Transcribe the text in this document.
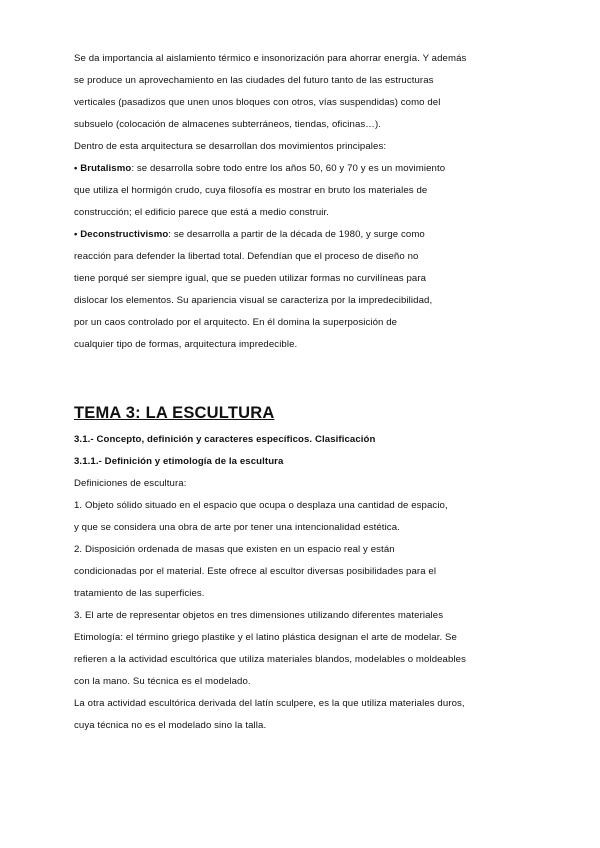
Se da importancia al aislamiento térmico e insonorización para ahorrar energía. Y además
se produce un aprovechamiento en las ciudades del futuro tanto de las estructuras
verticales (pasadizos que unen unos bloques con otros, vías suspendidas) como del
subsuelo (colocación de almacenes subterráneos, tiendas, oficinas…).
Dentro de esta arquitectura se desarrollan dos movimientos principales:
• Brutalismo: se desarrolla sobre todo entre los años 50, 60 y 70 y es un movimiento
que utiliza el hormigón crudo, cuya filosofía es mostrar en bruto los materiales de
construcción; el edificio parece que está a medio construir.
• Deconstructivismo: se desarrolla a partir de la década de 1980, y surge como
reacción para defender la libertad total. Defendían que el proceso de diseño no
tiene porqué ser siempre igual, que se pueden utilizar formas no curvilíneas para
dislocar los elementos. Su apariencia visual se caracteriza por la impredecibilidad,
por un caos controlado por el arquitecto. En él domina la superposición de
cualquier tipo de formas, arquitectura impredecible.
TEMA 3: LA ESCULTURA
3.1.- Concepto, definición y caracteres específicos. Clasificación
3.1.1.- Definición y etimología de la escultura
Definiciones de escultura:
1. Objeto sólido situado en el espacio que ocupa o desplaza una cantidad de espacio,
y que se considera una obra de arte por tener una intencionalidad estética.
2. Disposición ordenada de masas que existen en un espacio real y están
condicionadas por el material. Este ofrece al escultor diversas posibilidades para el
tratamiento de las superficies.
3. El arte de representar objetos en tres dimensiones utilizando diferentes materiales
Etimología: el término griego plastike y el latino plástica designan el arte de modelar. Se
refieren a la actividad escultórica que utiliza materiales blandos, modelables o moldeables
con la mano. Su técnica es el modelado.
La otra actividad escultórica derivada del latín sculpere, es la que utiliza materiales duros,
cuya técnica no es el modelado sino la talla.
